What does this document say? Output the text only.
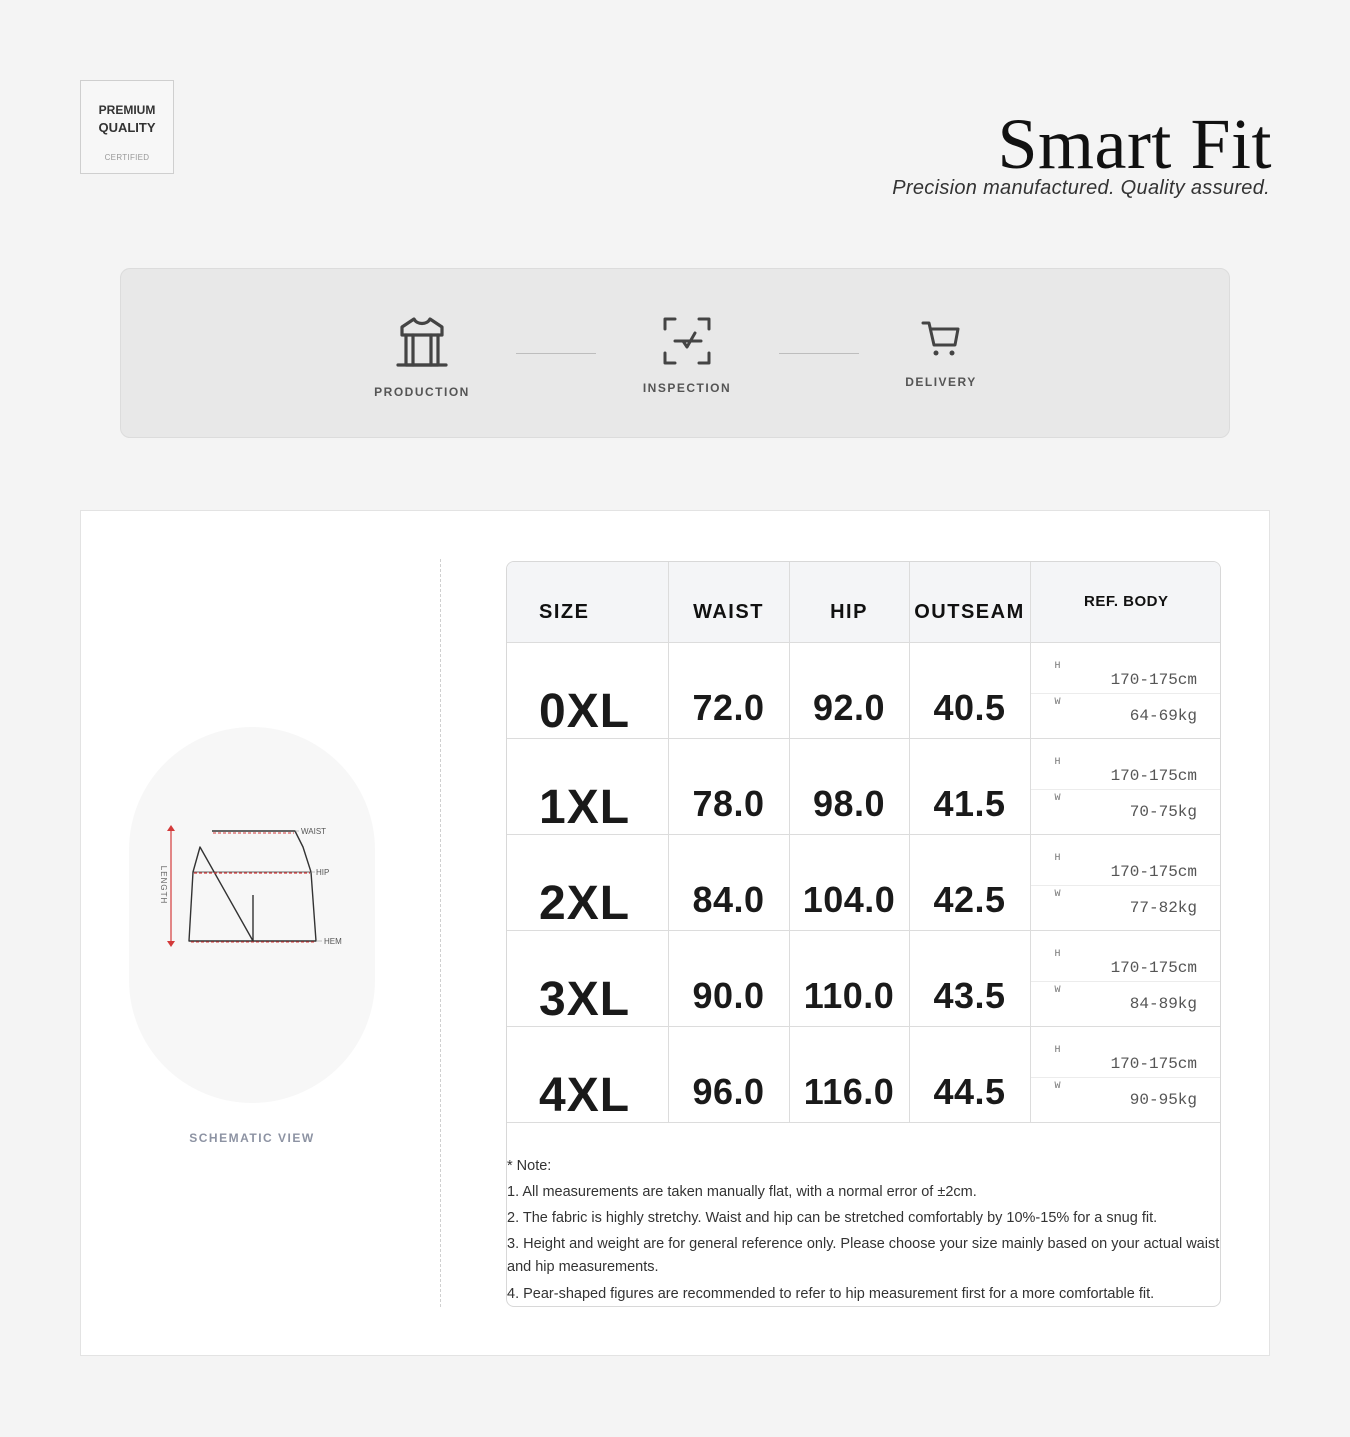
PREMIUM
QUALITY
CERTIFIED	Smart Fit
Precision manufactured. Quality assured.
PRODUCTION	INSPECTION	DELIVERY
LENGTH
WAIST
HIP
HEM
SCHEMATIC VIEW
SIZE	WAIST	HIP	OUTSEAM	REF. BODY
0XL	72.0	92.0	40.5	H
170-175cm
W
64-69kg

1XL	78.0	98.0	41.5	H
170-175cm
W
70-75kg

2XL	84.0	104.0	42.5	H
170-175cm
W
77-82kg

3XL	90.0	110.0	43.5	H
170-175cm
W
84-89kg

4XL	96.0	116.0	44.5	H
170-175cm
W
90-95kg
* Note:
1. All measurements are taken manually flat, with a normal error of ±2cm.
2. The fabric is highly stretchy. Waist and hip can be stretched comfortably by 10%-15% for a snug fit.
3. Height and weight are for general reference only. Please choose your size mainly based on your actual waist and hip measurements.
4. Pear-shaped figures are recommended to refer to hip measurement first for a more comfortable fit.
